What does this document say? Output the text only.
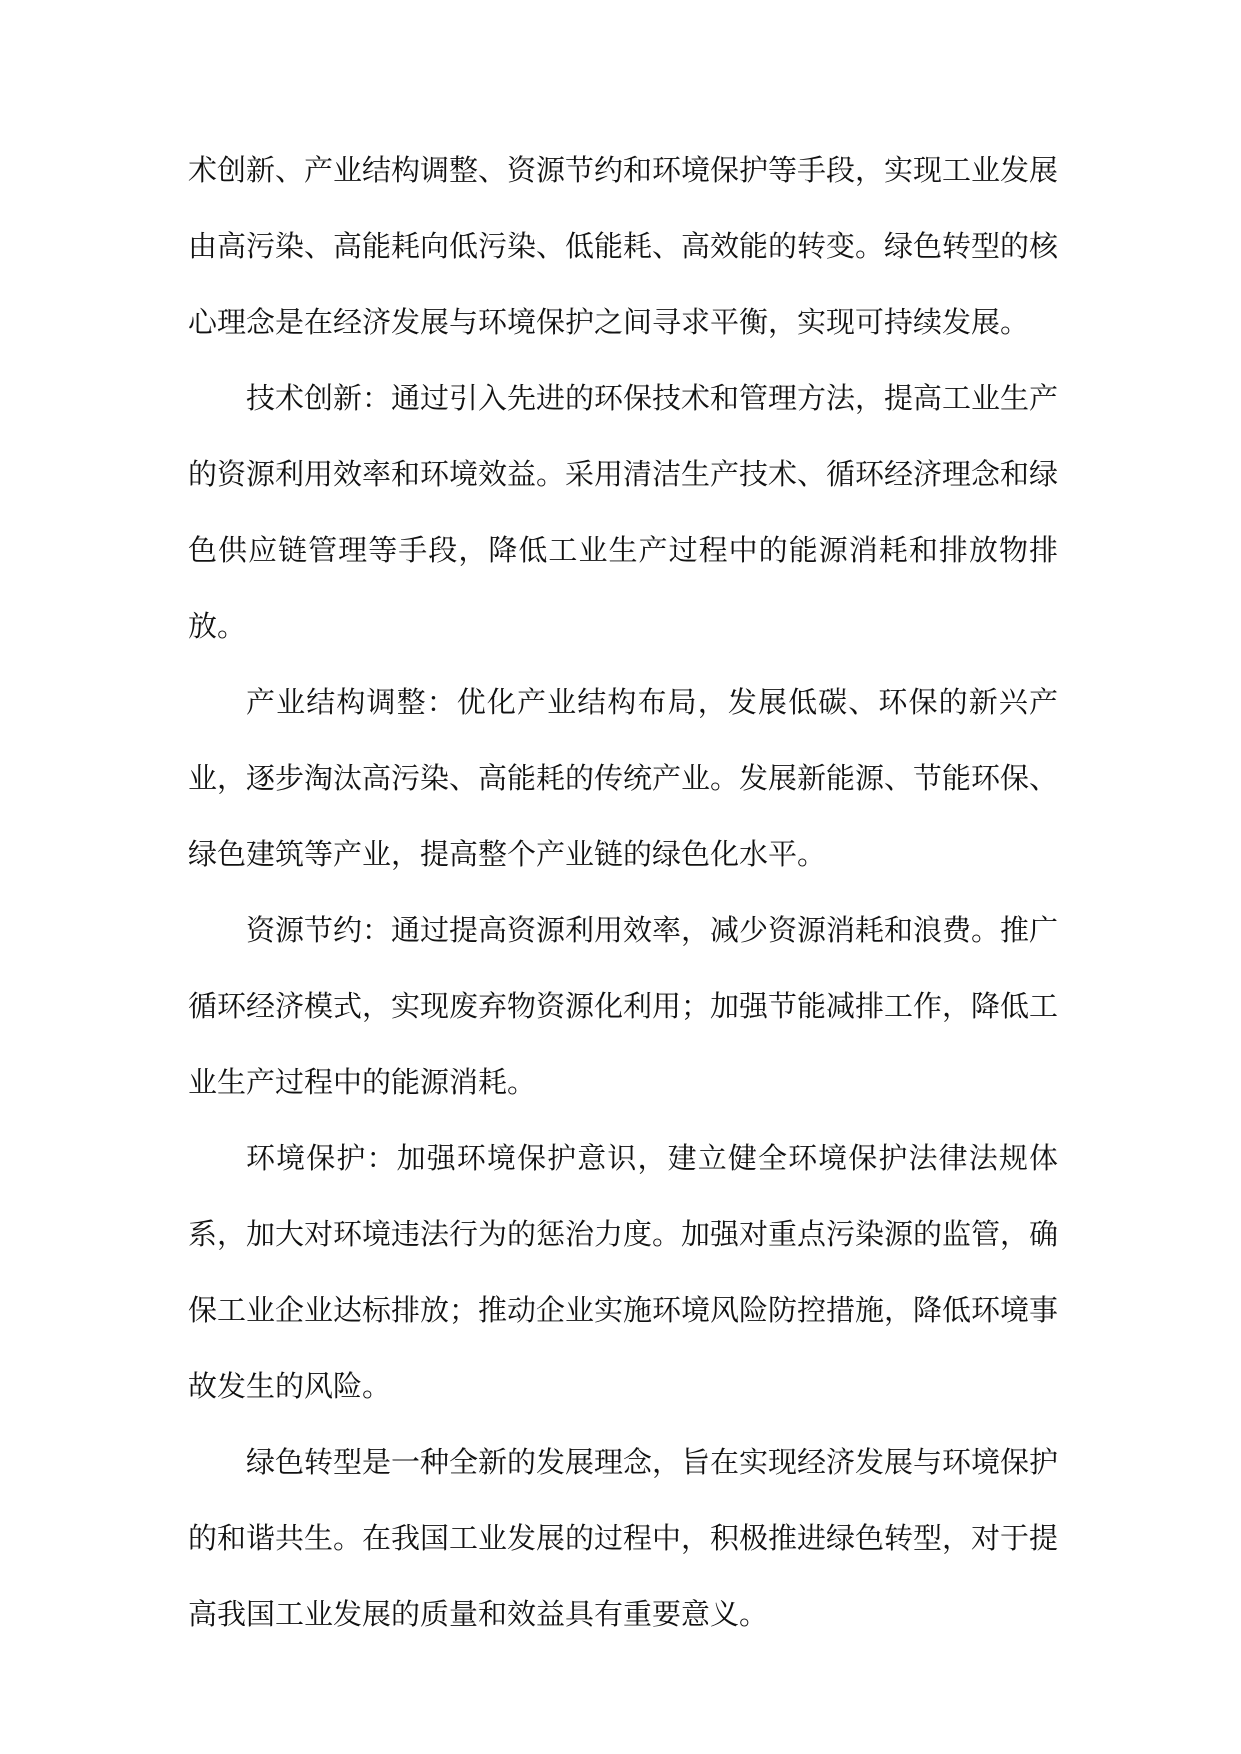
术创新、产业结构调整、资源节约和环境保护等手段，实现工业发展由高污染、高能耗向低污染、低能耗、高效能的转变。绿色转型的核心理念是在经济发展与环境保护之间寻求平衡，实现可持续发展。

技术创新：通过引入先进的环保技术和管理方法，提高工业生产的资源利用效率和环境效益。采用清洁生产技术、循环经济理念和绿色供应链管理等手段，降低工业生产过程中的能源消耗和排放物排放。

产业结构调整：优化产业结构布局，发展低碳、环保的新兴产业，逐步淘汰高污染、高能耗的传统产业。发展新能源、节能环保、绿色建筑等产业，提高整个产业链的绿色化水平。

资源节约：通过提高资源利用效率，减少资源消耗和浪费。推广循环经济模式，实现废弃物资源化利用；加强节能减排工作，降低工业生产过程中的能源消耗。

环境保护：加强环境保护意识，建立健全环境保护法律法规体系，加大对环境违法行为的惩治力度。加强对重点污染源的监管，确保工业企业达标排放；推动企业实施环境风险防控措施，降低环境事故发生的风险。

绿色转型是一种全新的发展理念，旨在实现经济发展与环境保护的和谐共生。在我国工业发展的过程中，积极推进绿色转型，对于提高我国工业发展的质量和效益具有重要意义。
